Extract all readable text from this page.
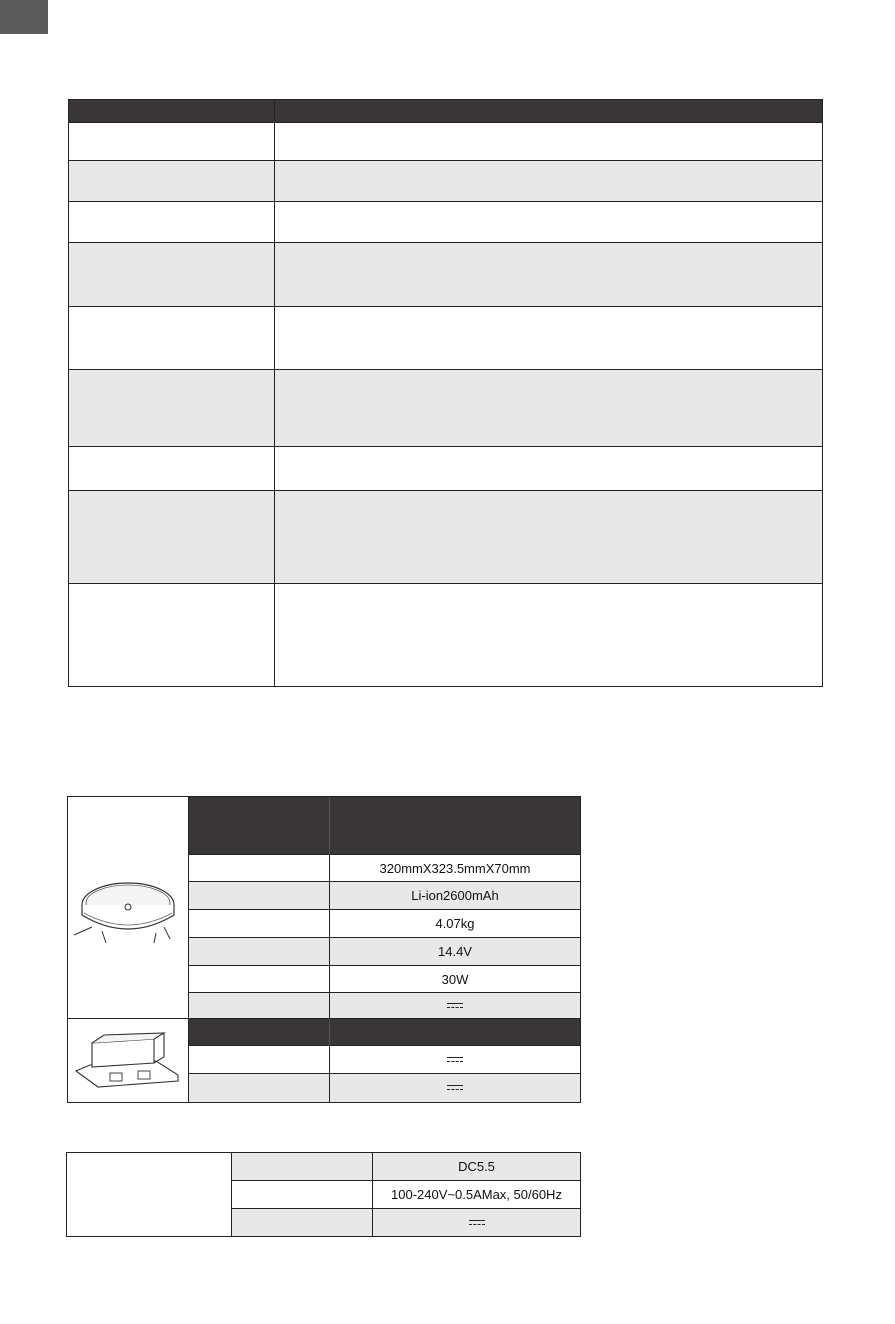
320mmX323.5mmX70mm
Li-ion2600mAh
4.07kg
14.4V
30W
DC5.5
100-240V~0.5AMax, 50/60Hz
